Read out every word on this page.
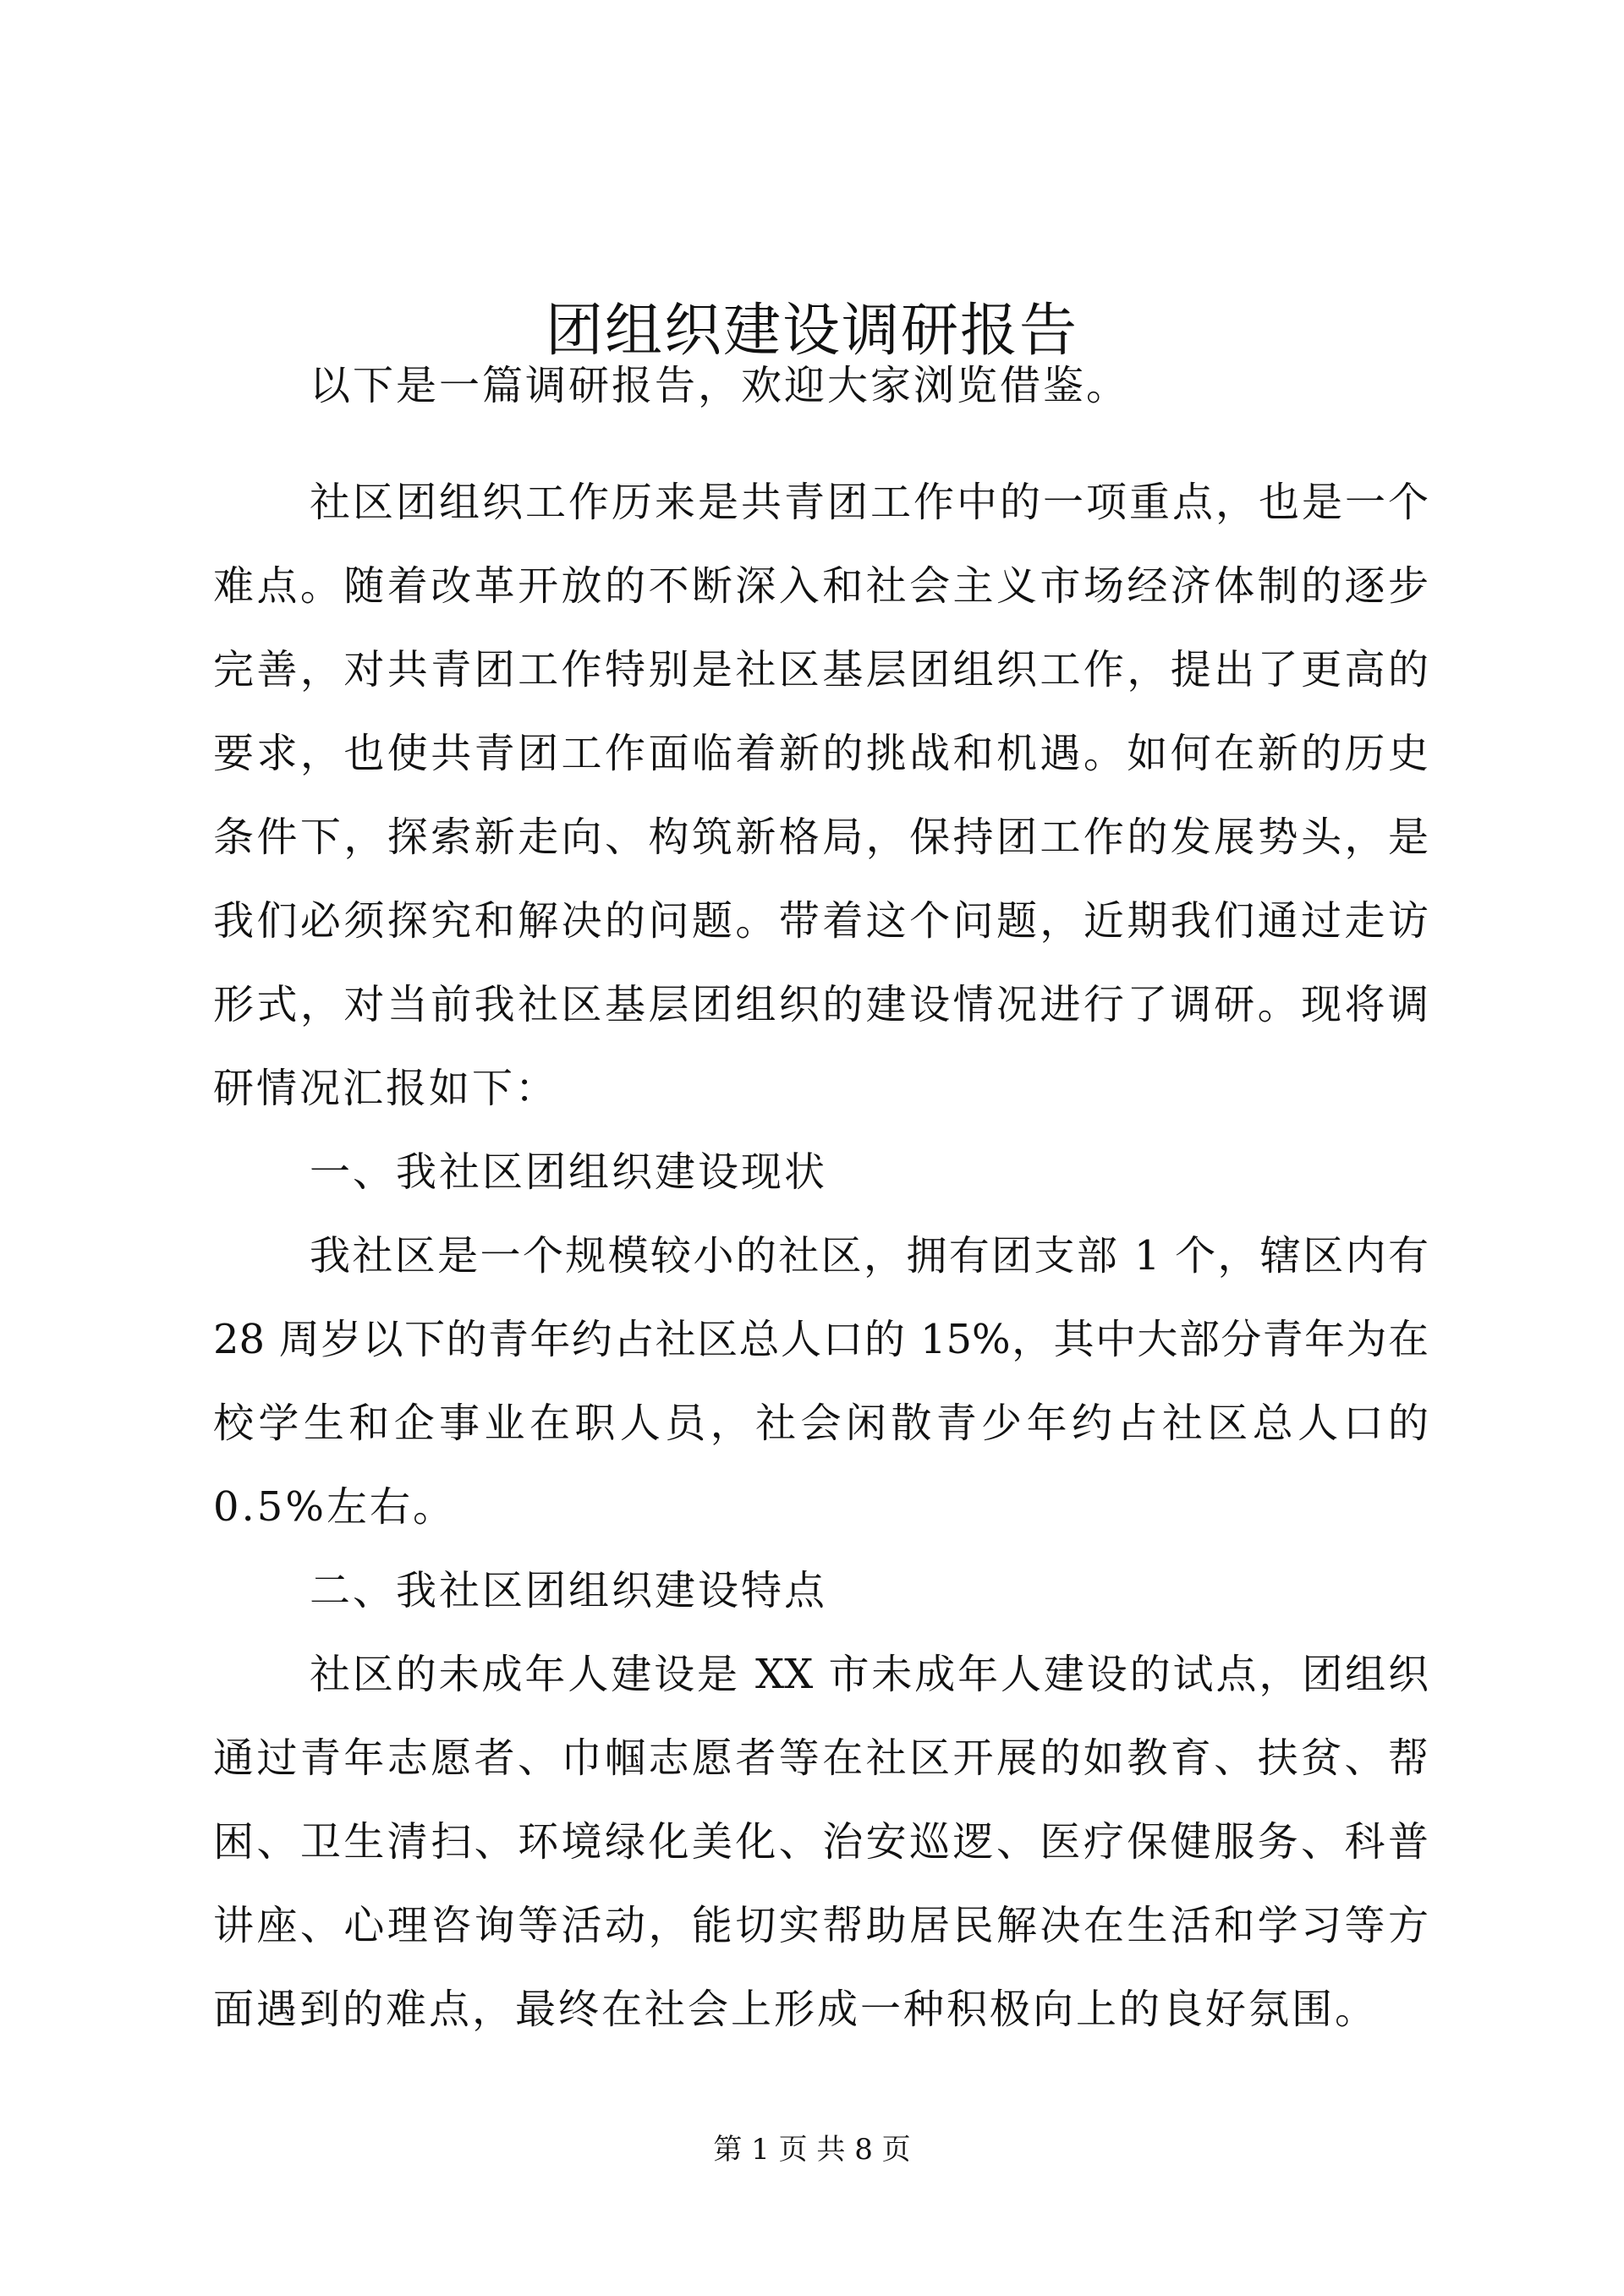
团组织建设调研报告
以下是一篇调研报告，欢迎大家浏览借鉴。
社区团组织工作历来是共青团工作中的一项重点，也是一个
难点。随着改革开放的不断深入和社会主义市场经济体制的逐步
完善，对共青团工作特别是社区基层团组织工作，提出了更高的
要求，也使共青团工作面临着新的挑战和机遇。如何在新的历史
条件下，探索新走向、构筑新格局，保持团工作的发展势头，是
我们必须探究和解决的问题。带着这个问题，近期我们通过走访
形式，对当前我社区基层团组织的建设情况进行了调研。现将调
研情况汇报如下：
一、我社区团组织建设现状
我社区是一个规模较小的社区，拥有团支部 1 个，辖区内有
28 周岁以下的青年约占社区总人口的 15%，其中大部分青年为在
校学生和企事业在职人员，社会闲散青少年约占社区总人口的
0.5%左右。
二、我社区团组织建设特点
社区的未成年人建设是 XX 市未成年人建设的试点，团组织
通过青年志愿者、巾帼志愿者等在社区开展的如教育、扶贫、帮
困、卫生清扫、环境绿化美化、治安巡逻、医疗保健服务、科普
讲座、心理咨询等活动，能切实帮助居民解决在生活和学习等方
面遇到的难点，最终在社会上形成一种积极向上的良好氛围。
第 1 页 共 8 页
